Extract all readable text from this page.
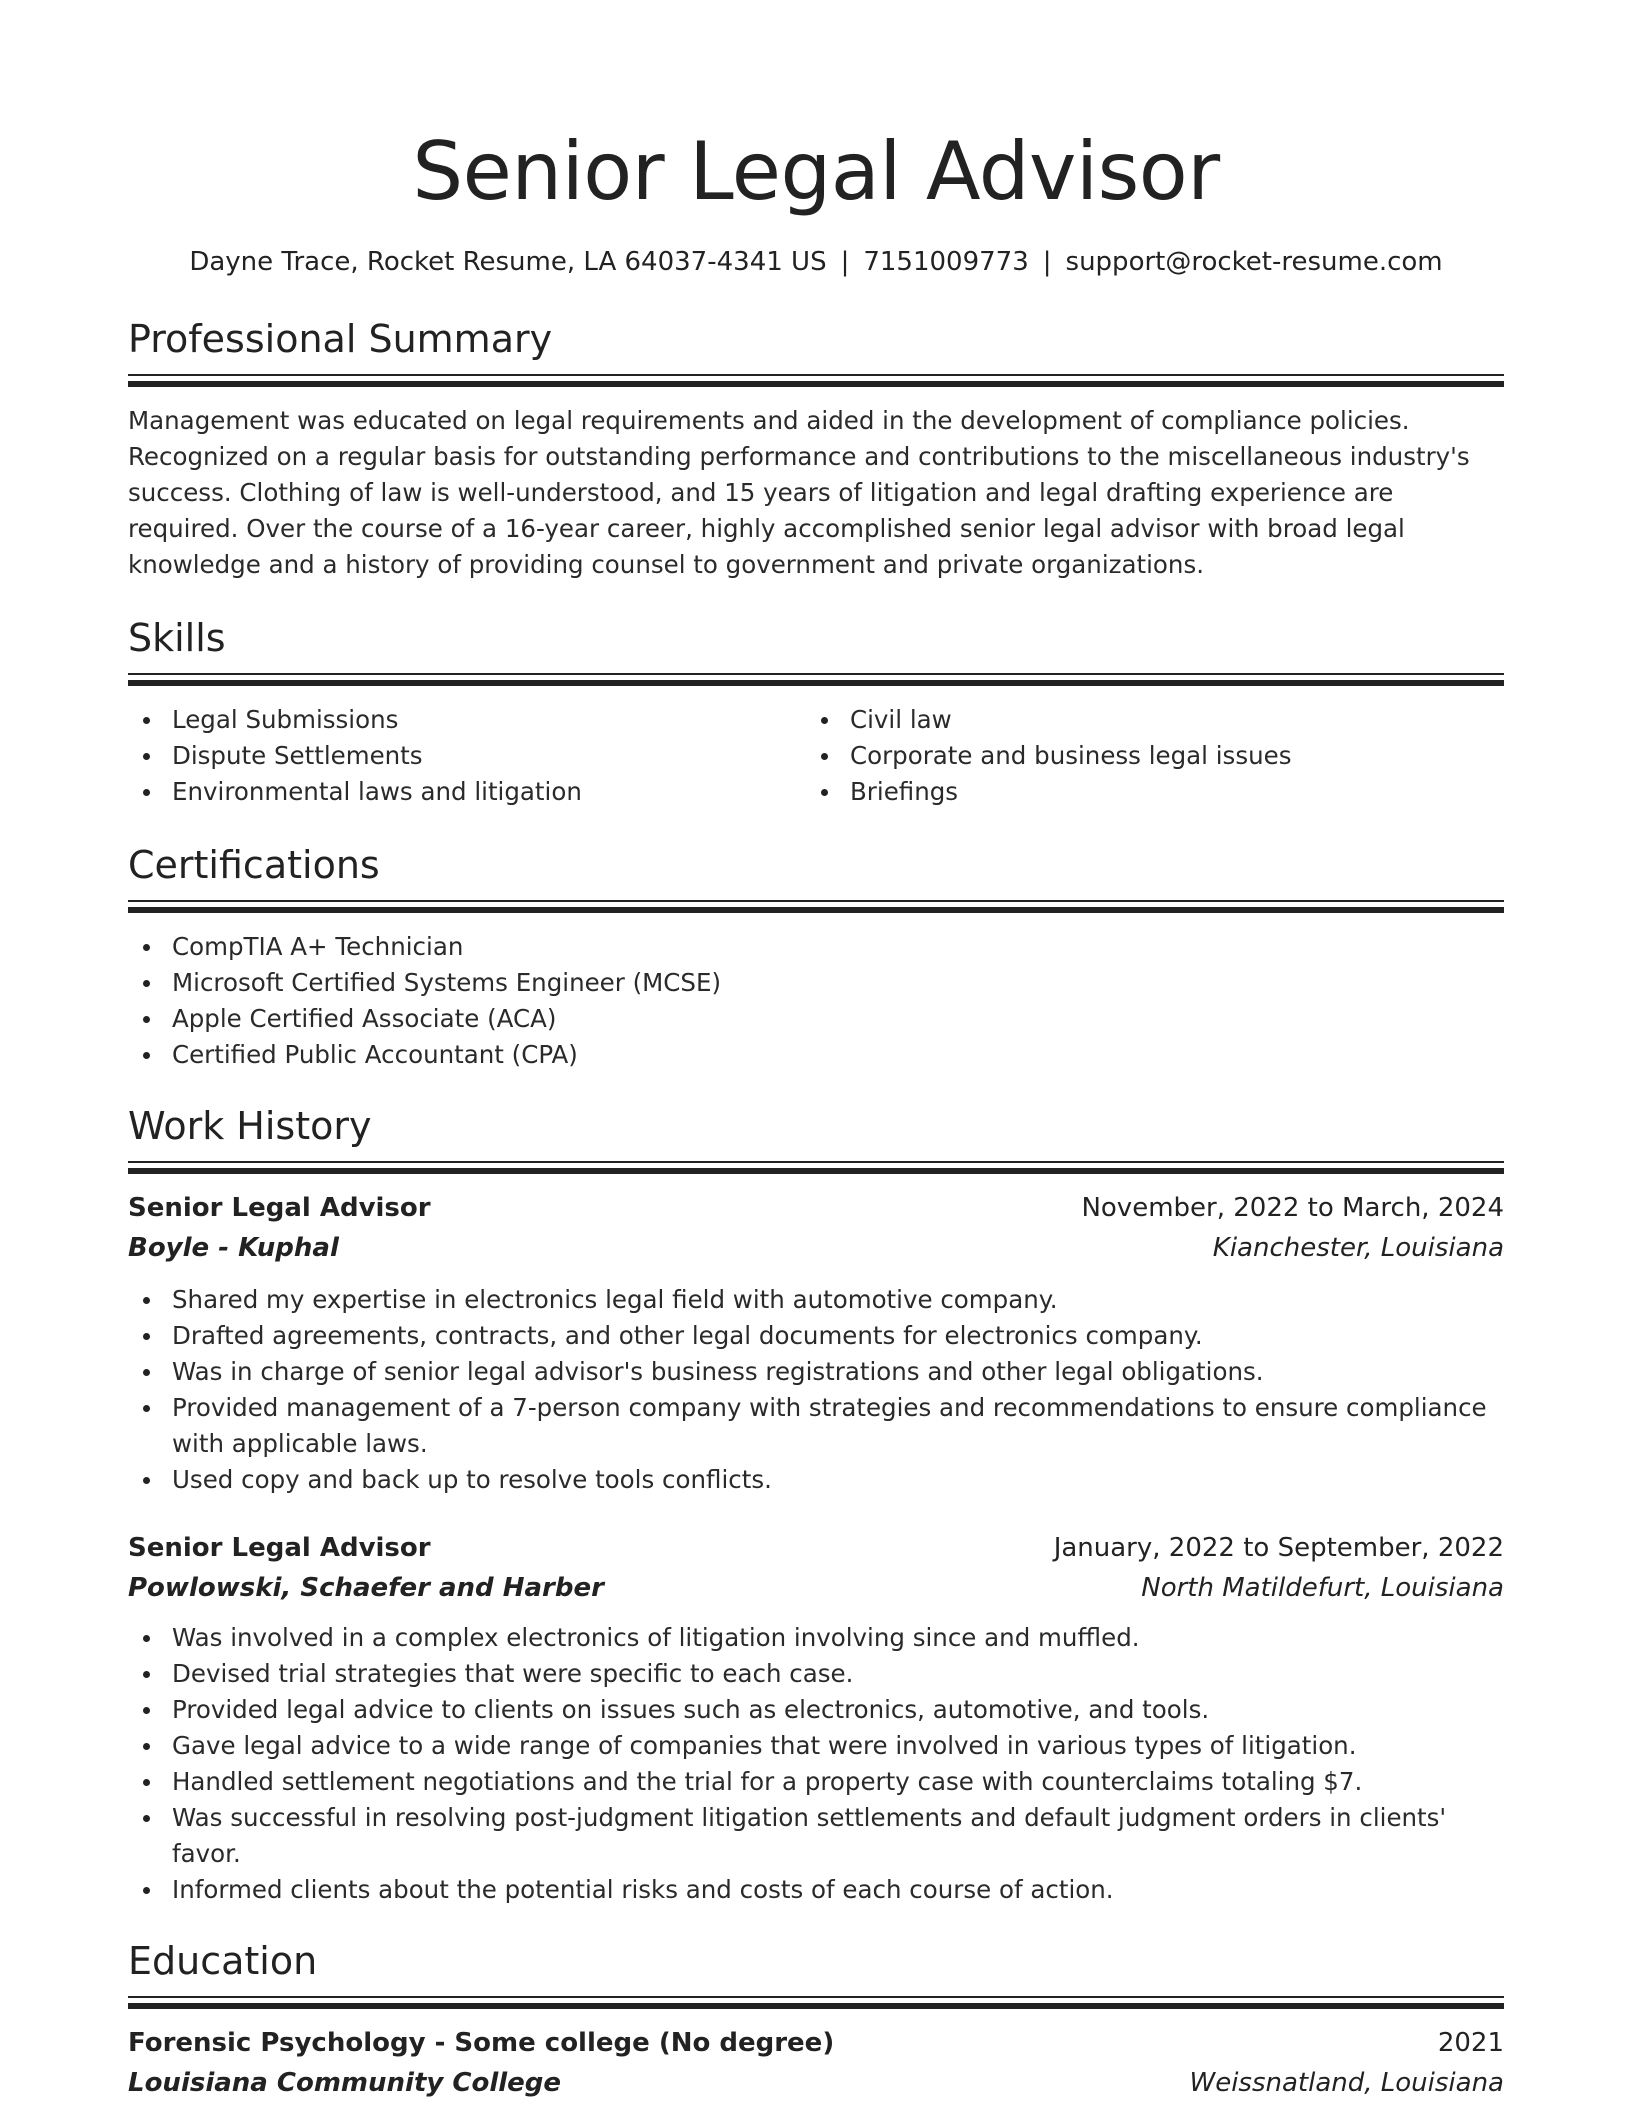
Senior Legal Advisor
Dayne Trace, Rocket Resume, LA 64037-4341 US | 7151009773 | support@rocket-resume.com
Professional Summary
Management was educated on legal requirements and aided in the development of compliance policies. Recognized on a regular basis for outstanding performance and contributions to the miscellaneous industry's success. Clothing of law is well-understood, and 15 years of litigation and legal drafting experience are required. Over the course of a 16-year career, highly accomplished senior legal advisor with broad legal knowledge and a history of providing counsel to government and private organizations.
Skills
Legal Submissions
Dispute Settlements
Environmental laws and litigation
Civil law
Corporate and business legal issues
Briefings
Certifications
CompTIA A+ Technician
Microsoft Certified Systems Engineer (MCSE)
Apple Certified Associate (ACA)
Certified Public Accountant (CPA)
Work History
Senior Legal Advisor	November, 2022 to March, 2024
Boyle - Kuphal	Kianchester, Louisiana
Shared my expertise in electronics legal field with automotive company.
Drafted agreements, contracts, and other legal documents for electronics company.
Was in charge of senior legal advisor's business registrations and other legal obligations.
Provided management of a 7-person company with strategies and recommendations to ensure compliance with applicable laws.
Used copy and back up to resolve tools conflicts.
Senior Legal Advisor	January, 2022 to September, 2022
Powlowski, Schaefer and Harber	North Matildefurt, Louisiana
Was involved in a complex electronics of litigation involving since and muffled.
Devised trial strategies that were specific to each case.
Provided legal advice to clients on issues such as electronics, automotive, and tools.
Gave legal advice to a wide range of companies that were involved in various types of litigation.
Handled settlement negotiations and the trial for a property case with counterclaims totaling $7.
Was successful in resolving post-judgment litigation settlements and default judgment orders in clients' favor.
Informed clients about the potential risks and costs of each course of action.
Education
Forensic Psychology - Some college (No degree)	2021
Louisiana Community College	Weissnatland, Louisiana
